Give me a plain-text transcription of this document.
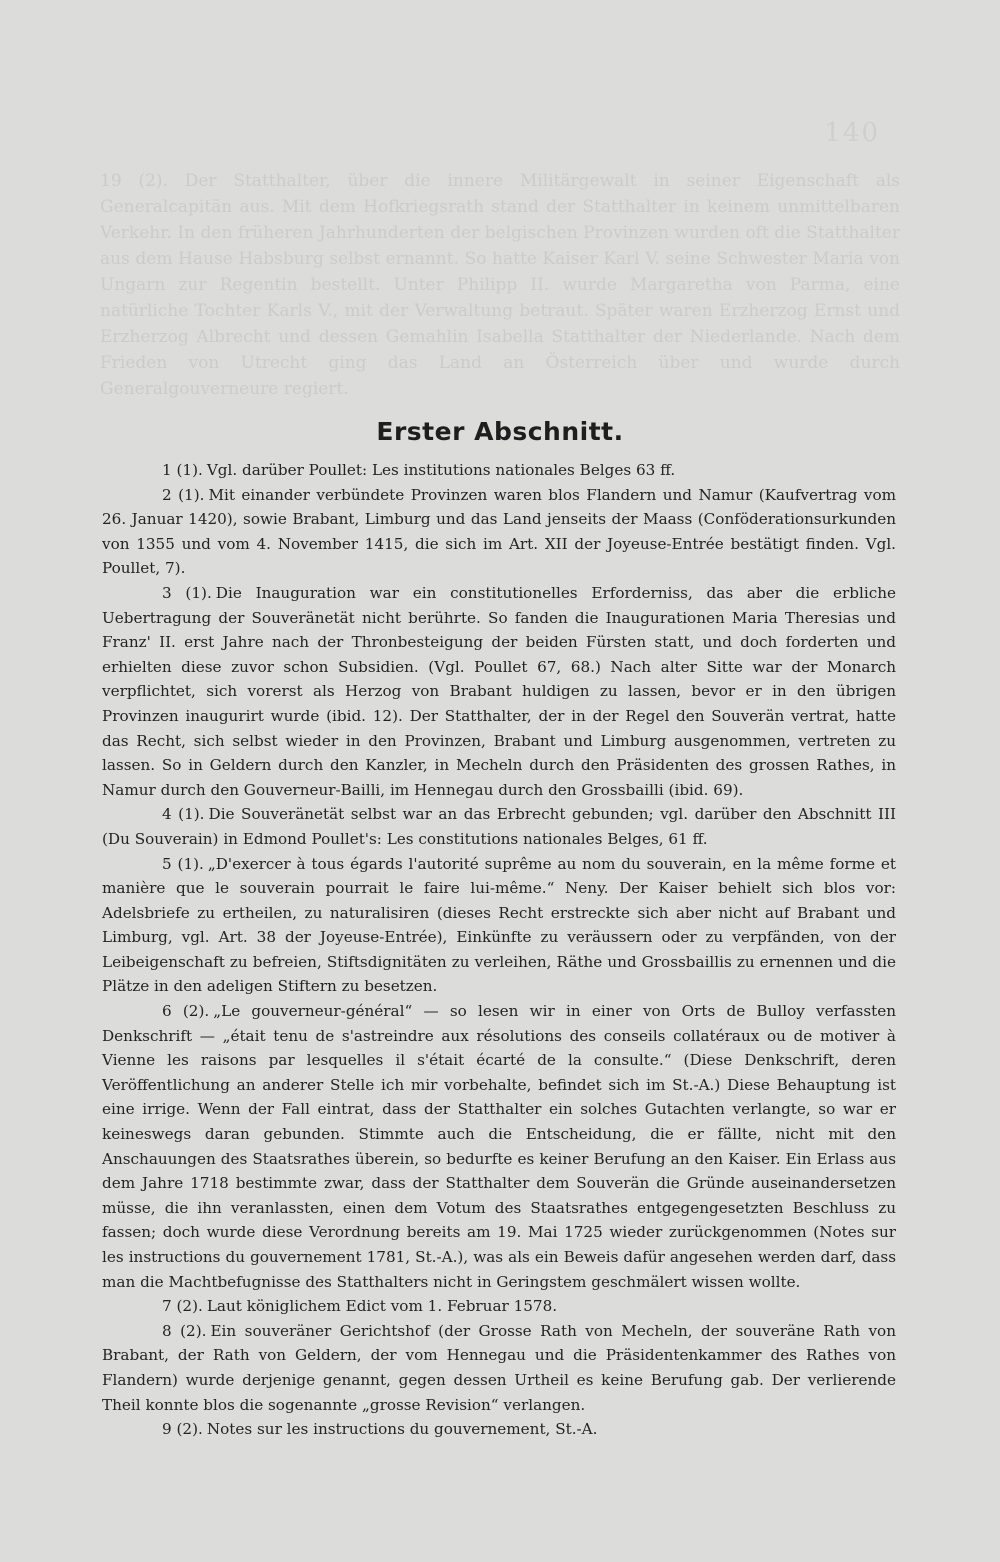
140
19 (2). Der Statthalter, über die innere Militärgewalt in seiner Eigenschaft als Generalcapitän aus. Mit dem Hofkriegsrath stand der Statthalter in keinem unmittelbaren Verkehr. In den früheren Jahrhunderten der belgischen Provinzen wurden oft die Statthalter aus dem Hause Habsburg selbst ernannt. So hatte Kaiser Karl V. seine Schwester Maria von Ungarn zur Regentin bestellt. Unter Philipp II. wurde Margaretha von Parma, eine natürliche Tochter Karls V., mit der Verwaltung betraut. Später waren Erzherzog Ernst und Erzherzog Albrecht und dessen Gemahlin Isabella Statthalter der Niederlande. Nach dem Frieden von Utrecht ging das Land an Österreich über und wurde durch Generalgouverneure regiert.
Erster Abschnitt.

1 (1). Vgl. darüber Poullet: Les institutions nationales Belges 63 ff.

2 (1). Mit einander verbündete Provinzen waren blos Flandern und Namur (Kaufvertrag vom 26. Januar 1420), sowie Brabant, Limburg und das Land jenseits der Maass (Conföderationsurkunden von 1355 und vom 4. November 1415, die sich im Art. XII der Joyeuse-Entrée bestätigt finden. Vgl. Poullet, 7).

3 (1). Die Inauguration war ein constitutionelles Erforderniss, das aber die erbliche Uebertragung der Souveränetät nicht berührte. So fanden die Inaugurationen Maria Theresias und Franz' II. erst Jahre nach der Thronbesteigung der beiden Fürsten statt, und doch forderten und erhielten diese zuvor schon Subsidien. (Vgl. Poullet 67, 68.) Nach alter Sitte war der Monarch verpflichtet, sich vorerst als Herzog von Brabant huldigen zu lassen, bevor er in den übrigen Provinzen inaugurirt wurde (ibid. 12). Der Statthalter, der in der Regel den Souverän vertrat, hatte das Recht, sich selbst wieder in den Provinzen, Brabant und Limburg ausgenommen, vertreten zu lassen. So in Geldern durch den Kanzler, in Mecheln durch den Präsidenten des grossen Rathes, in Namur durch den Gouverneur-Bailli, im Hennegau durch den Grossbailli (ibid. 69).

4 (1). Die Souveränetät selbst war an das Erbrecht gebunden; vgl. darüber den Abschnitt III (Du Souverain) in Edmond Poullet's: Les constitutions nationales Belges, 61 ff.

5 (1). „D'exercer à tous égards l'autorité suprême au nom du souverain, en la même forme et manière que le souverain pourrait le faire lui-même.“ Neny. Der Kaiser behielt sich blos vor: Adelsbriefe zu ertheilen, zu naturalisiren (dieses Recht erstreckte sich aber nicht auf Brabant und Limburg, vgl. Art. 38 der Joyeuse-Entrée), Einkünfte zu veräussern oder zu verpfänden, von der Leibeigenschaft zu befreien, Stiftsdignitäten zu verleihen, Räthe und Grossbaillis zu ernennen und die Plätze in den adeligen Stiftern zu besetzen.

6 (2). „Le gouverneur-général“ — so lesen wir in einer von Orts de Bulloy verfassten Denkschrift — „était tenu de s'astreindre aux résolutions des conseils collatéraux ou de motiver à Vienne les raisons par lesquelles il s'était écarté de la consulte.“ (Diese Denkschrift, deren Veröffentlichung an anderer Stelle ich mir vorbehalte, befindet sich im St.-A.) Diese Behauptung ist eine irrige. Wenn der Fall eintrat, dass der Statthalter ein solches Gutachten verlangte, so war er keineswegs daran gebunden. Stimmte auch die Entscheidung, die er fällte, nicht mit den Anschauungen des Staatsrathes überein, so bedurfte es keiner Berufung an den Kaiser. Ein Erlass aus dem Jahre 1718 bestimmte zwar, dass der Statthalter dem Souverän die Gründe auseinandersetzen müsse, die ihn veranlassten, einen dem Votum des Staatsrathes entgegengesetzten Beschluss zu fassen; doch wurde diese Verordnung bereits am 19. Mai 1725 wieder zurückgenommen (Notes sur les instructions du gouvernement 1781, St.-A.), was als ein Beweis dafür angesehen werden darf, dass man die Machtbefugnisse des Statthalters nicht in Geringstem geschmälert wissen wollte.

7 (2). Laut königlichem Edict vom 1. Februar 1578.

8 (2). Ein souveräner Gerichtshof (der Grosse Rath von Mecheln, der souveräne Rath von Brabant, der Rath von Geldern, der vom Hennegau und die Präsidentenkammer des Rathes von Flandern) wurde derjenige genannt, gegen dessen Urtheil es keine Berufung gab. Der verlierende Theil konnte blos die sogenannte „grosse Revision“ verlangen.

9 (2). Notes sur les instructions du gouvernement, St.-A.
